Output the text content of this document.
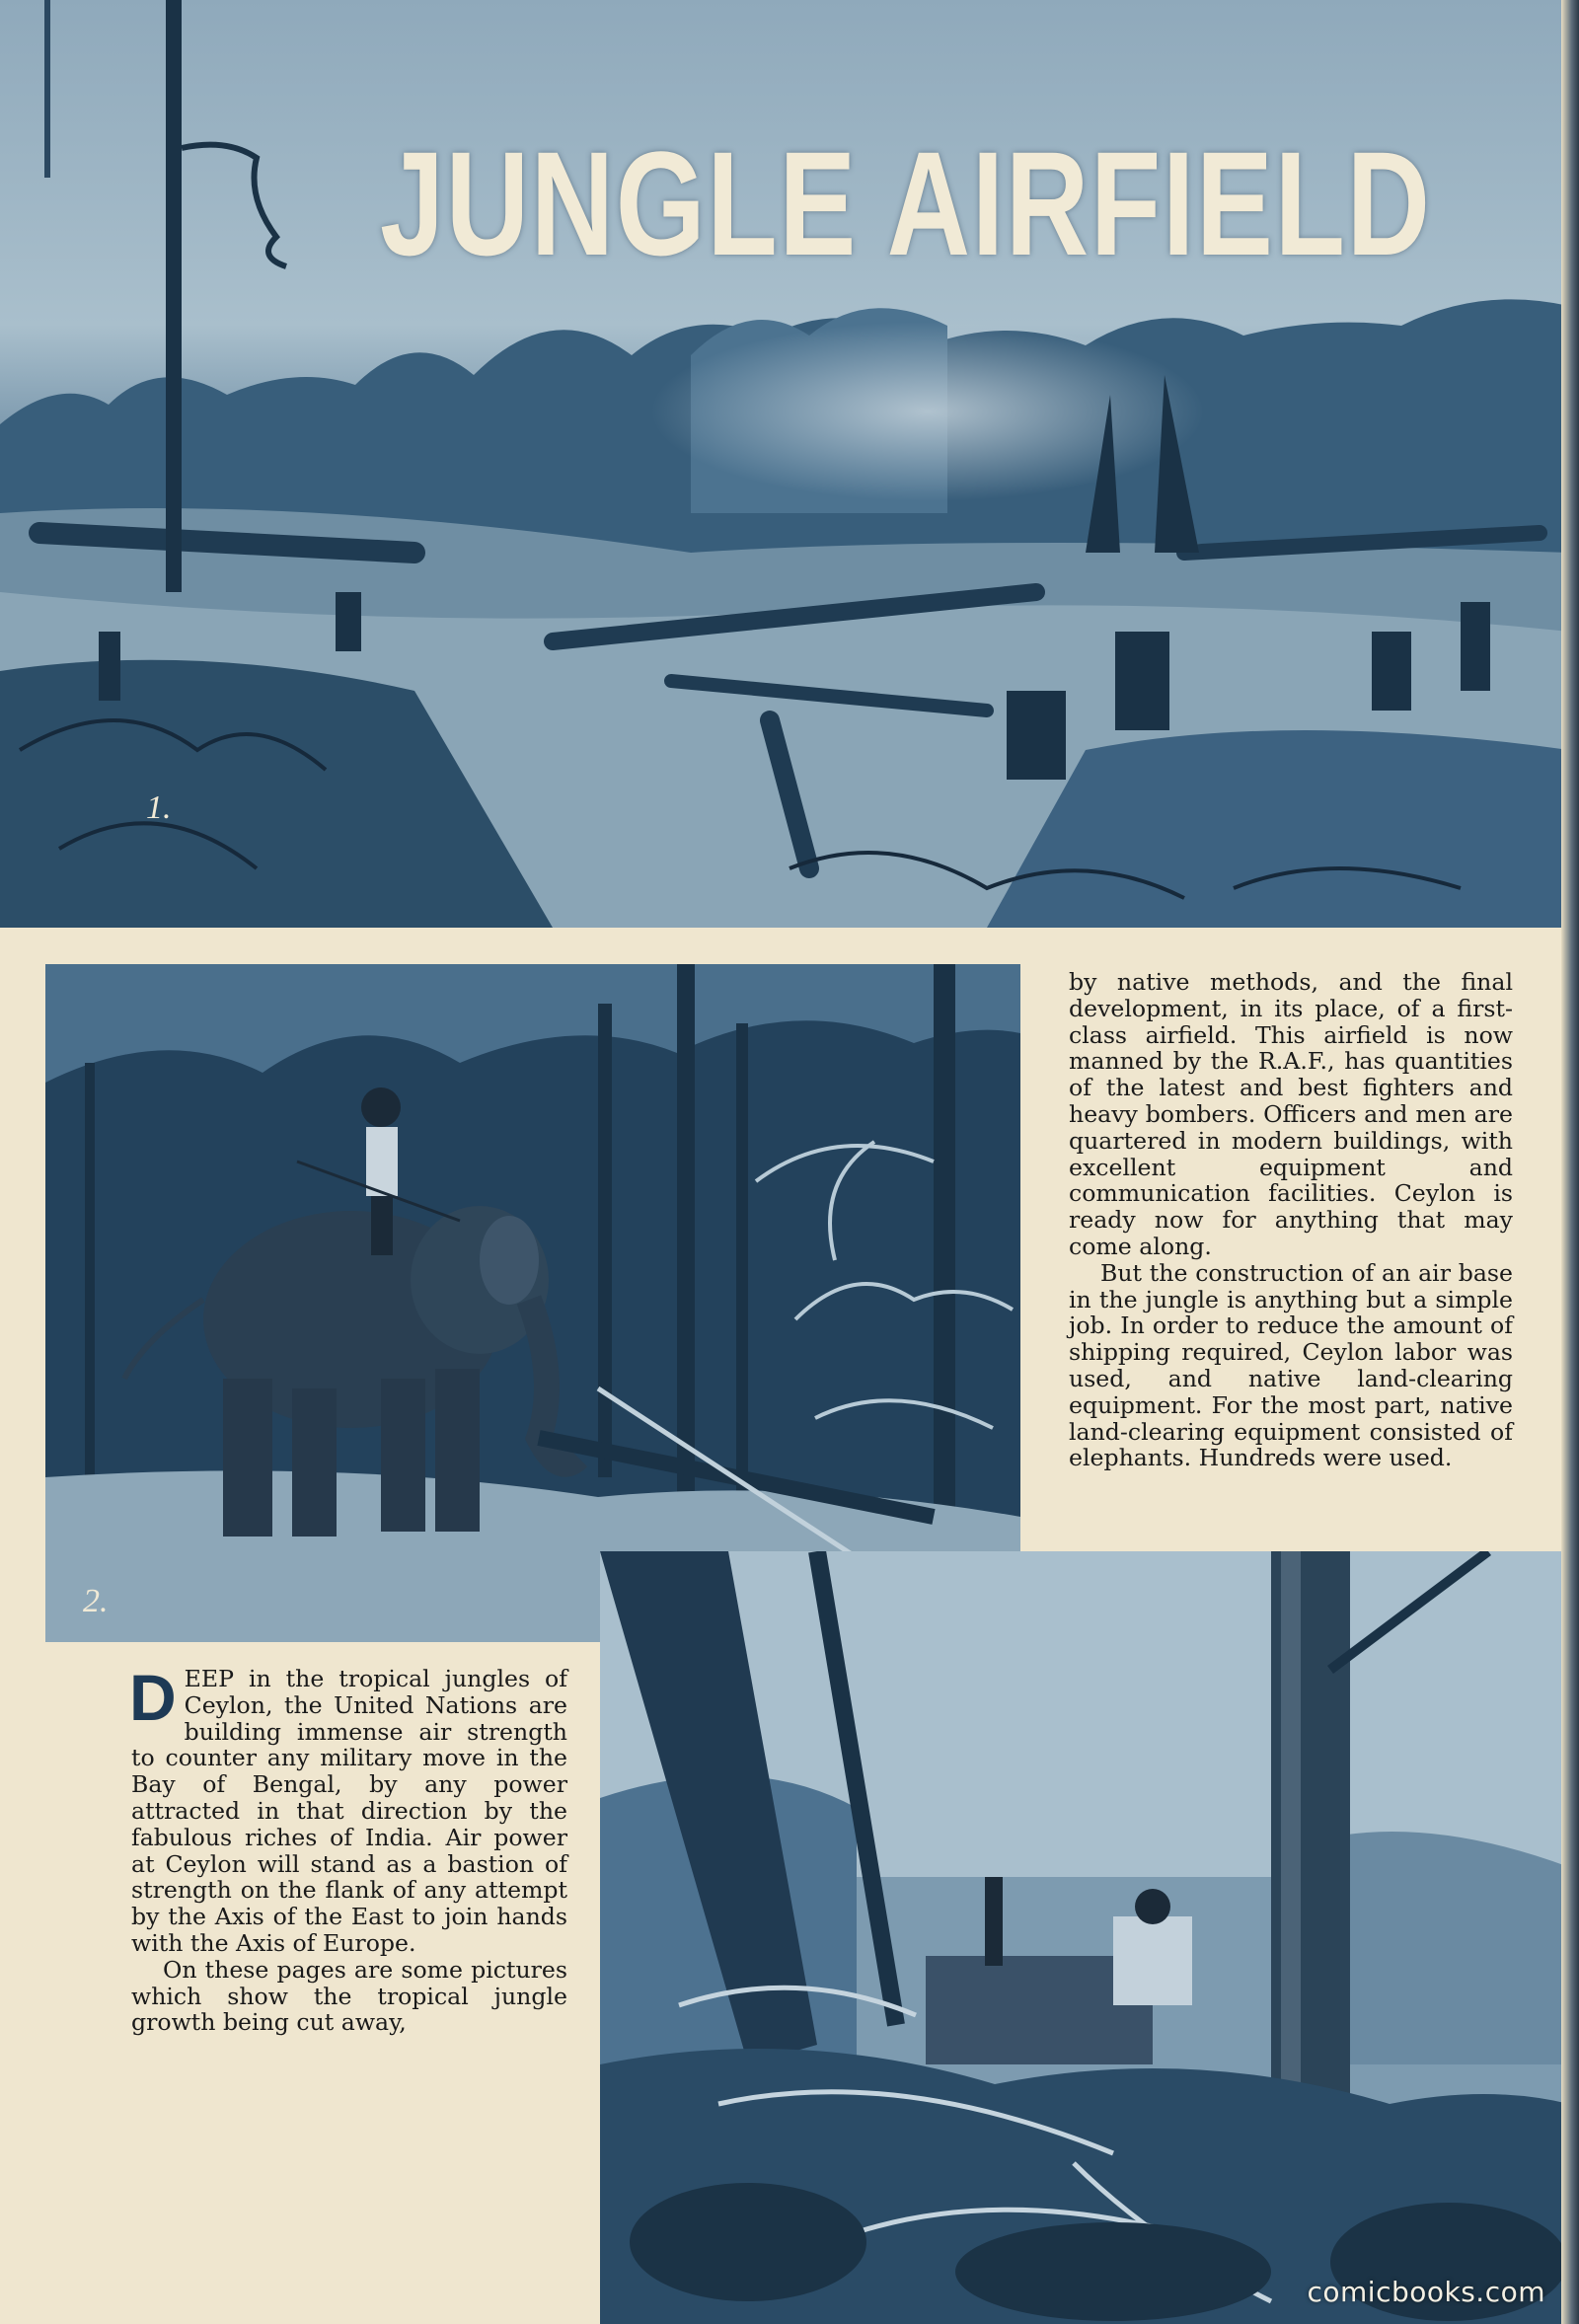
JUNGLE AIRFIELD
1.
2.

by native methods, and the final development, in its place, of a first-class airfield. This airfield is now manned by the R.A.F., has quantities of the latest and best fighters and heavy bombers. Officers and men are quartered in modern buildings, with excellent equipment and communication facilities. Ceylon is ready now for anything that may come along.

But the construction of an air base in the jungle is anything but a simple job. In order to reduce the amount of shipping required, Ceylon labor was used, and native land-clearing equipment. For the most part, native land-clearing equipment consisted of elephants. Hundreds were used.

DEEP in the tropical jungles of Ceylon, the United Nations are building immense air strength to counter any military move in the Bay of Bengal, by any power attracted in that direction by the fabulous riches of India. Air power at Ceylon will stand as a bastion of strength on the flank of any attempt by the Axis of the East to join hands with the Axis of Europe.

On these pages are some pictures which show the tropical jungle growth being cut away,

comicbooks.com
